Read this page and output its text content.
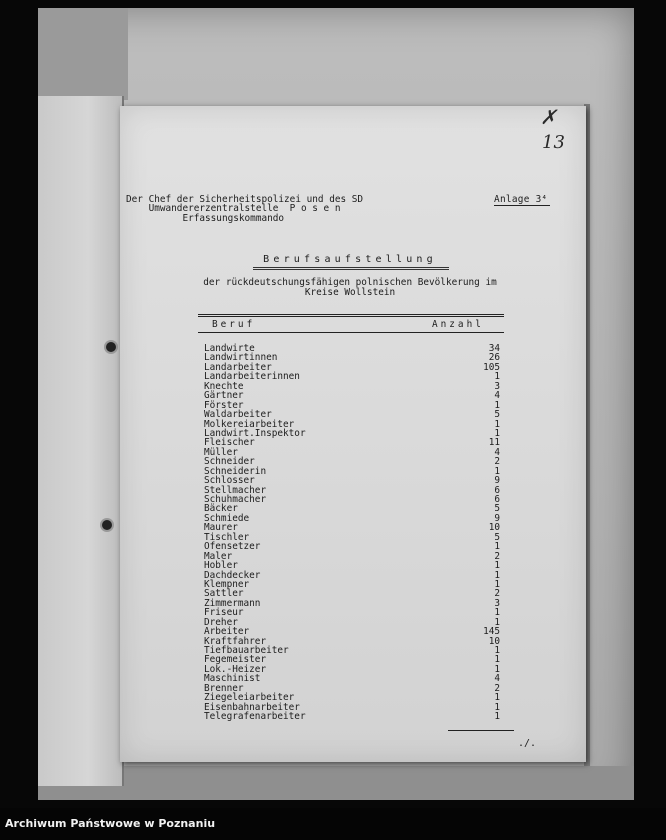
✗
13
Der Chef der Sicherheitspolizei und des SD
Umwandererzentralstelle  P o s e n
Erfassungskommando
Anlage 3⁴
Berufsaufstellung
der rückdeutschungsfähigen polnischen Bevölkerung im
Kreise Wollstein
Beruf	Anzahl
Landwirte	34
Landwirtinnen	26
Landarbeiter	105
Landarbeiterinnen	1
Knechte	3
Gärtner	4
Förster	1
Waldarbeiter	5
Molkereiarbeiter	1
Landwirt.Inspektor	1
Fleischer	11
Müller	4
Schneider	2
Schneiderin	1
Schlosser	9
Stellmacher	6
Schuhmacher	6
Bäcker	5
Schmiede	9
Maurer	10
Tischler	5
Ofensetzer	1
Maler	2
Hobler	1
Dachdecker	1
Klempner	1
Sattler	2
Zimmermann	3
Friseur	1
Dreher	1
Arbeiter	145
Kraftfahrer	10
Tiefbauarbeiter	1
Fegemeister	1
Lok.-Heizer	1
Maschinist	4
Brenner	2
Ziegeleiarbeiter	1
Eisenbahnarbeiter	1
Telegrafenarbeiter	1
./.
Archiwum Państwowe w Poznaniu
